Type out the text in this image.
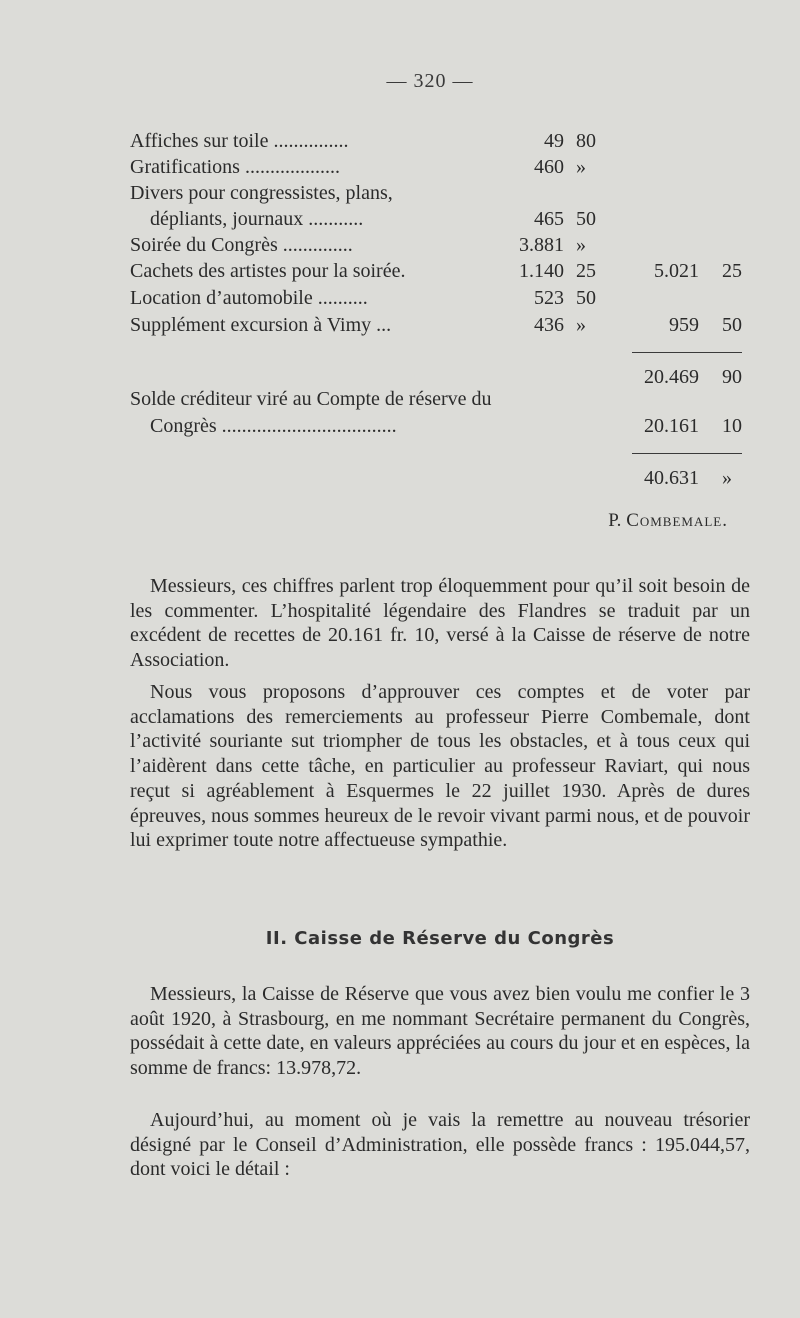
— 320 —
Affiches sur toile ...............	49 80
Gratifications ...................	460 »
Divers pour congressistes, plans,
dépliants, journaux ...........	465 50
Soirée du Congrès ..............	3.881 »
Cachets des artistes pour la soirée.	1.140 25	5.021 25
Location d’automobile ..........	523 50
Supplément excursion à Vimy ...	436 »	959 50
20.469 90
Solde créditeur viré au Compte de réserve du
Congrès ...................................	20.161 10
40.631 »
P. Combemale.

Messieurs, ces chiffres parlent trop éloquemment pour qu’il soit besoin de les commenter. L’hospitalité légendaire des Flandres se traduit par un excédent de recettes de 20.161 fr. 10, versé à la Caisse de réserve de notre Association.

Nous vous proposons d’approuver ces comptes et de voter par acclamations des remerciements au professeur Pierre Combemale, dont l’activité souriante sut triompher de tous les obstacles, et à tous ceux qui l’aidèrent dans cette tâche, en particulier au professeur Raviart, qui nous reçut si agréablement à Esquermes le 22 juillet 1930. Après de dures épreuves, nous sommes heureux de le revoir vivant parmi nous, et de pouvoir lui exprimer toute notre affectueuse sympathie.

II. Caisse de Réserve du Congrès

Messieurs, la Caisse de Réserve que vous avez bien voulu me confier le 3 août 1920, à Strasbourg, en me nommant Secrétaire permanent du Congrès, possédait à cette date, en valeurs appréciées au cours du jour et en espèces, la somme de francs: 13.978,72.

Aujourd’hui, au moment où je vais la remettre au nouveau trésorier désigné par le Conseil d’Administration, elle possède francs : 195.044,57, dont voici le détail :
